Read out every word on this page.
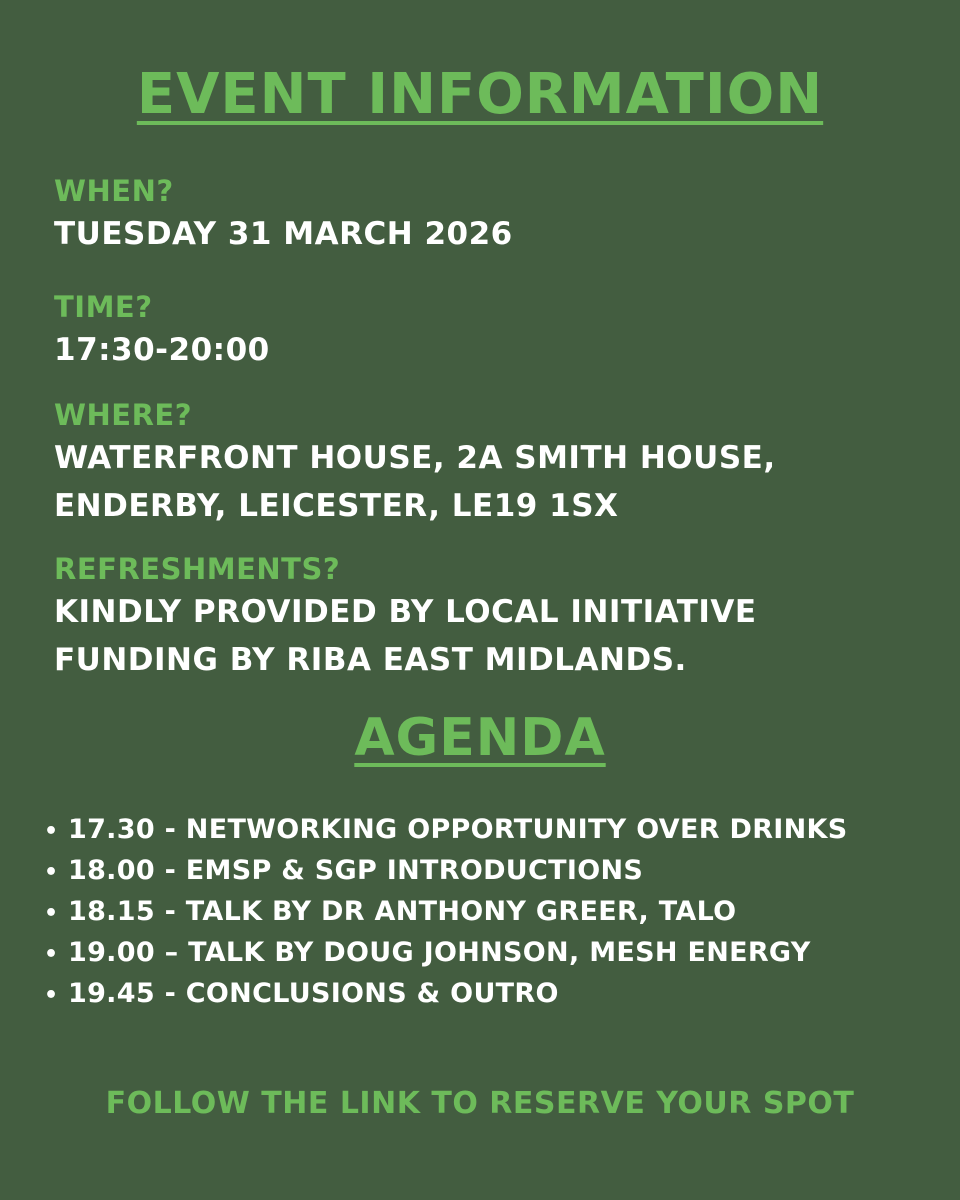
EVENT INFORMATION
WHEN?
TUESDAY 31 MARCH 2026
TIME?
17:30-20:00
WHERE?
WATERFRONT HOUSE, 2A SMITH HOUSE,
ENDERBY, LEICESTER, LE19 1SX
REFRESHMENTS?
KINDLY PROVIDED BY LOCAL INITIATIVE
FUNDING BY RIBA EAST MIDLANDS.
AGENDA
• 17.30 - NETWORKING OPPORTUNITY OVER DRINKS
• 18.00 - EMSP & SGP INTRODUCTIONS
• 18.15 - TALK BY DR ANTHONY GREER, TALO
• 19.00 – TALK BY DOUG JOHNSON, MESH ENERGY
• 19.45 - CONCLUSIONS & OUTRO
FOLLOW THE LINK TO RESERVE YOUR SPOT
